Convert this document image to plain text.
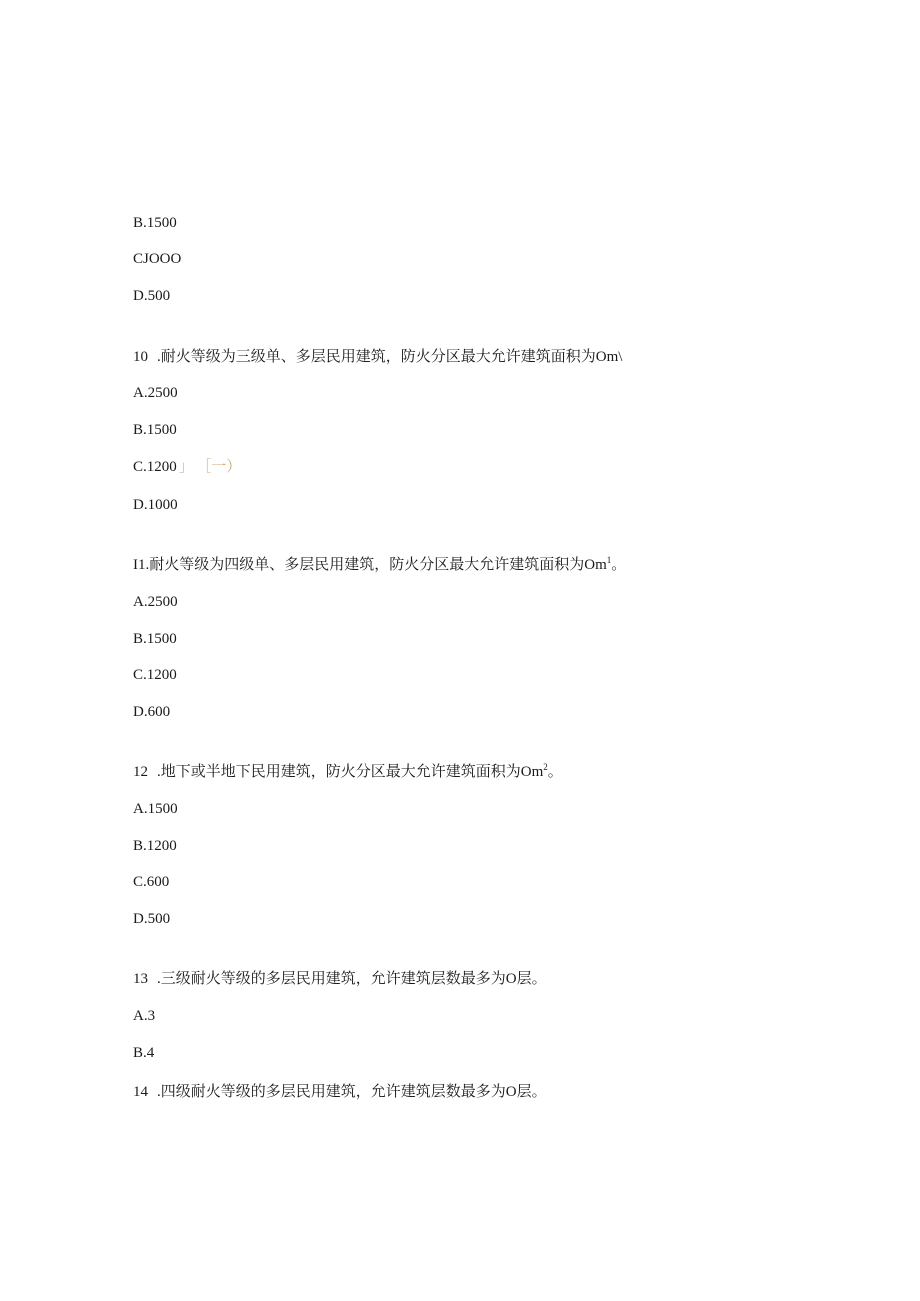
B.1500
CJOOO
D.500
10 .耐火等级为三级单、多层民用建筑，防火分区最大允许建筑面积为Om\
A.2500
B.1500
C.1200 」 ［一）
D.1000
I1.耐火等级为四级单、多层民用建筑，防火分区最大允许建筑面积为Om$^1$。
A.2500
B.1500
C.1200
D.600
12 .地下或半地下民用建筑，防火分区最大允许建筑面积为Om$^2$。
A.1500
B.1200
C.600
D.500
13 .三级耐火等级的多层民用建筑，允许建筑层数最多为O层。
A.3
B.4
14 .四级耐火等级的多层民用建筑，允许建筑层数最多为O层。
